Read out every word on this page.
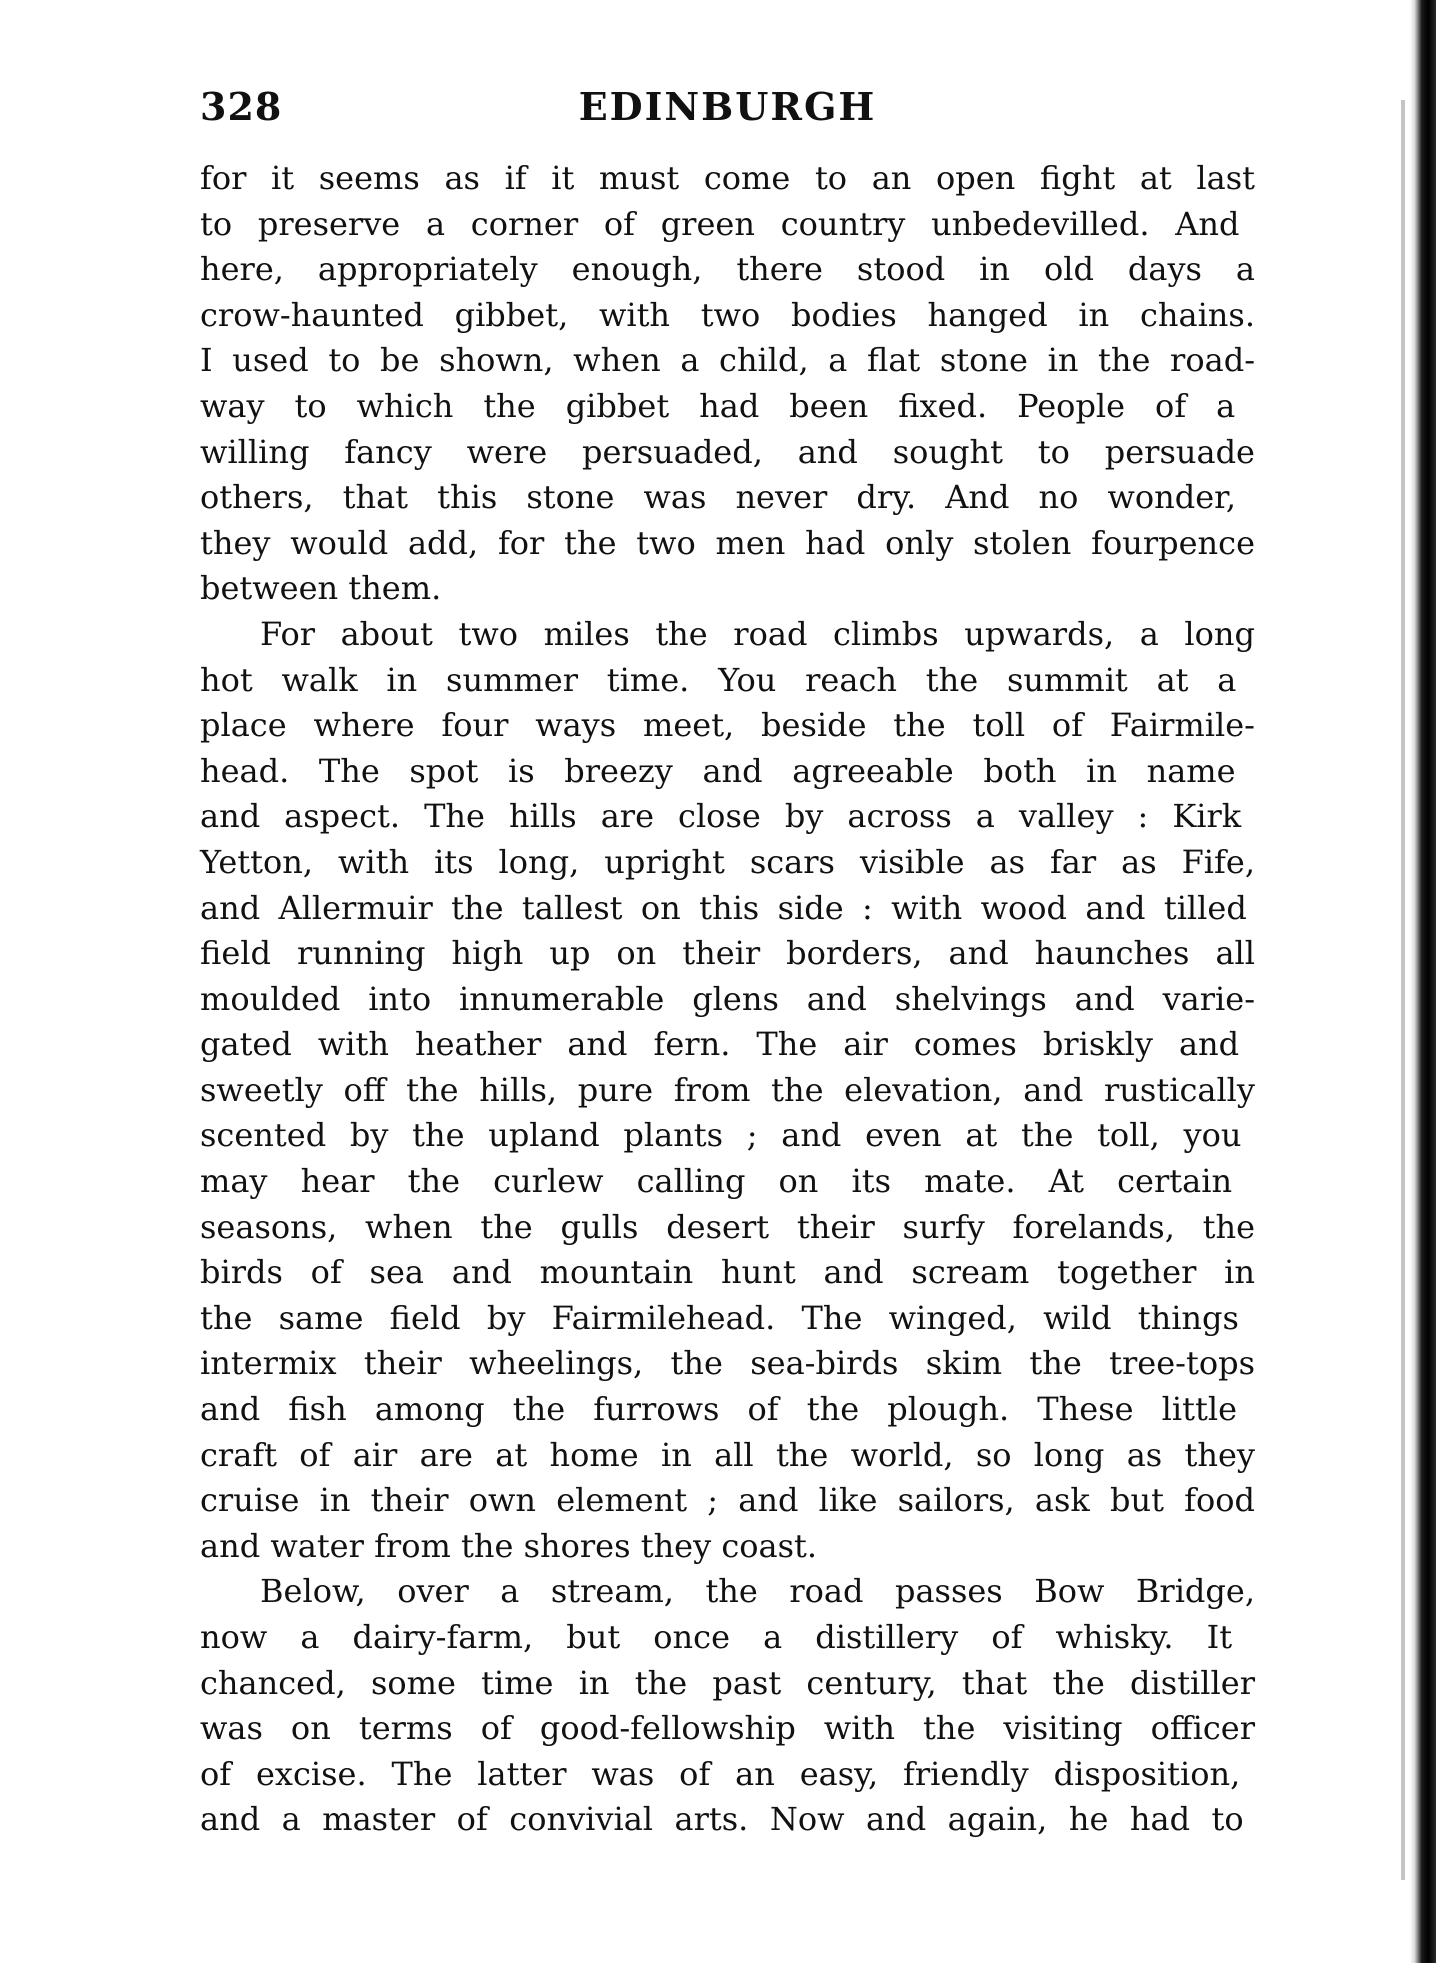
EDINBURGH
328
for it seems as if it must come to an open fight at last
to preserve a corner of green country unbedevilled. And
here, appropriately enough, there stood in old days a
crow-haunted gibbet, with two bodies hanged in chains.
I used to be shown, when a child, a flat stone in the road-
way to which the gibbet had been fixed. People of a
willing fancy were persuaded, and sought to persuade
others, that this stone was never dry. And no wonder,
they would add, for the two men had only stolen fourpence
between them.
For about two miles the road climbs upwards, a long
hot walk in summer time. You reach the summit at a
place where four ways meet, beside the toll of Fairmile-
head. The spot is breezy and agreeable both in name
and aspect. The hills are close by across a valley : Kirk
Yetton, with its long, upright scars visible as far as Fife,
and Allermuir the tallest on this side : with wood and tilled
field running high up on their borders, and haunches all
moulded into innumerable glens and shelvings and varie-
gated with heather and fern. The air comes briskly and
sweetly off the hills, pure from the elevation, and rustically
scented by the upland plants ; and even at the toll, you
may hear the curlew calling on its mate. At certain
seasons, when the gulls desert their surfy forelands, the
birds of sea and mountain hunt and scream together in
the same field by Fairmilehead. The winged, wild things
intermix their wheelings, the sea-birds skim the tree-tops
and fish among the furrows of the plough. These little
craft of air are at home in all the world, so long as they
cruise in their own element ; and like sailors, ask but food
and water from the shores they coast.
Below, over a stream, the road passes Bow Bridge,
now a dairy-farm, but once a distillery of whisky. It
chanced, some time in the past century, that the distiller
was on terms of good-fellowship with the visiting officer
of excise. The latter was of an easy, friendly disposition,
and a master of convivial arts. Now and again, he had to
